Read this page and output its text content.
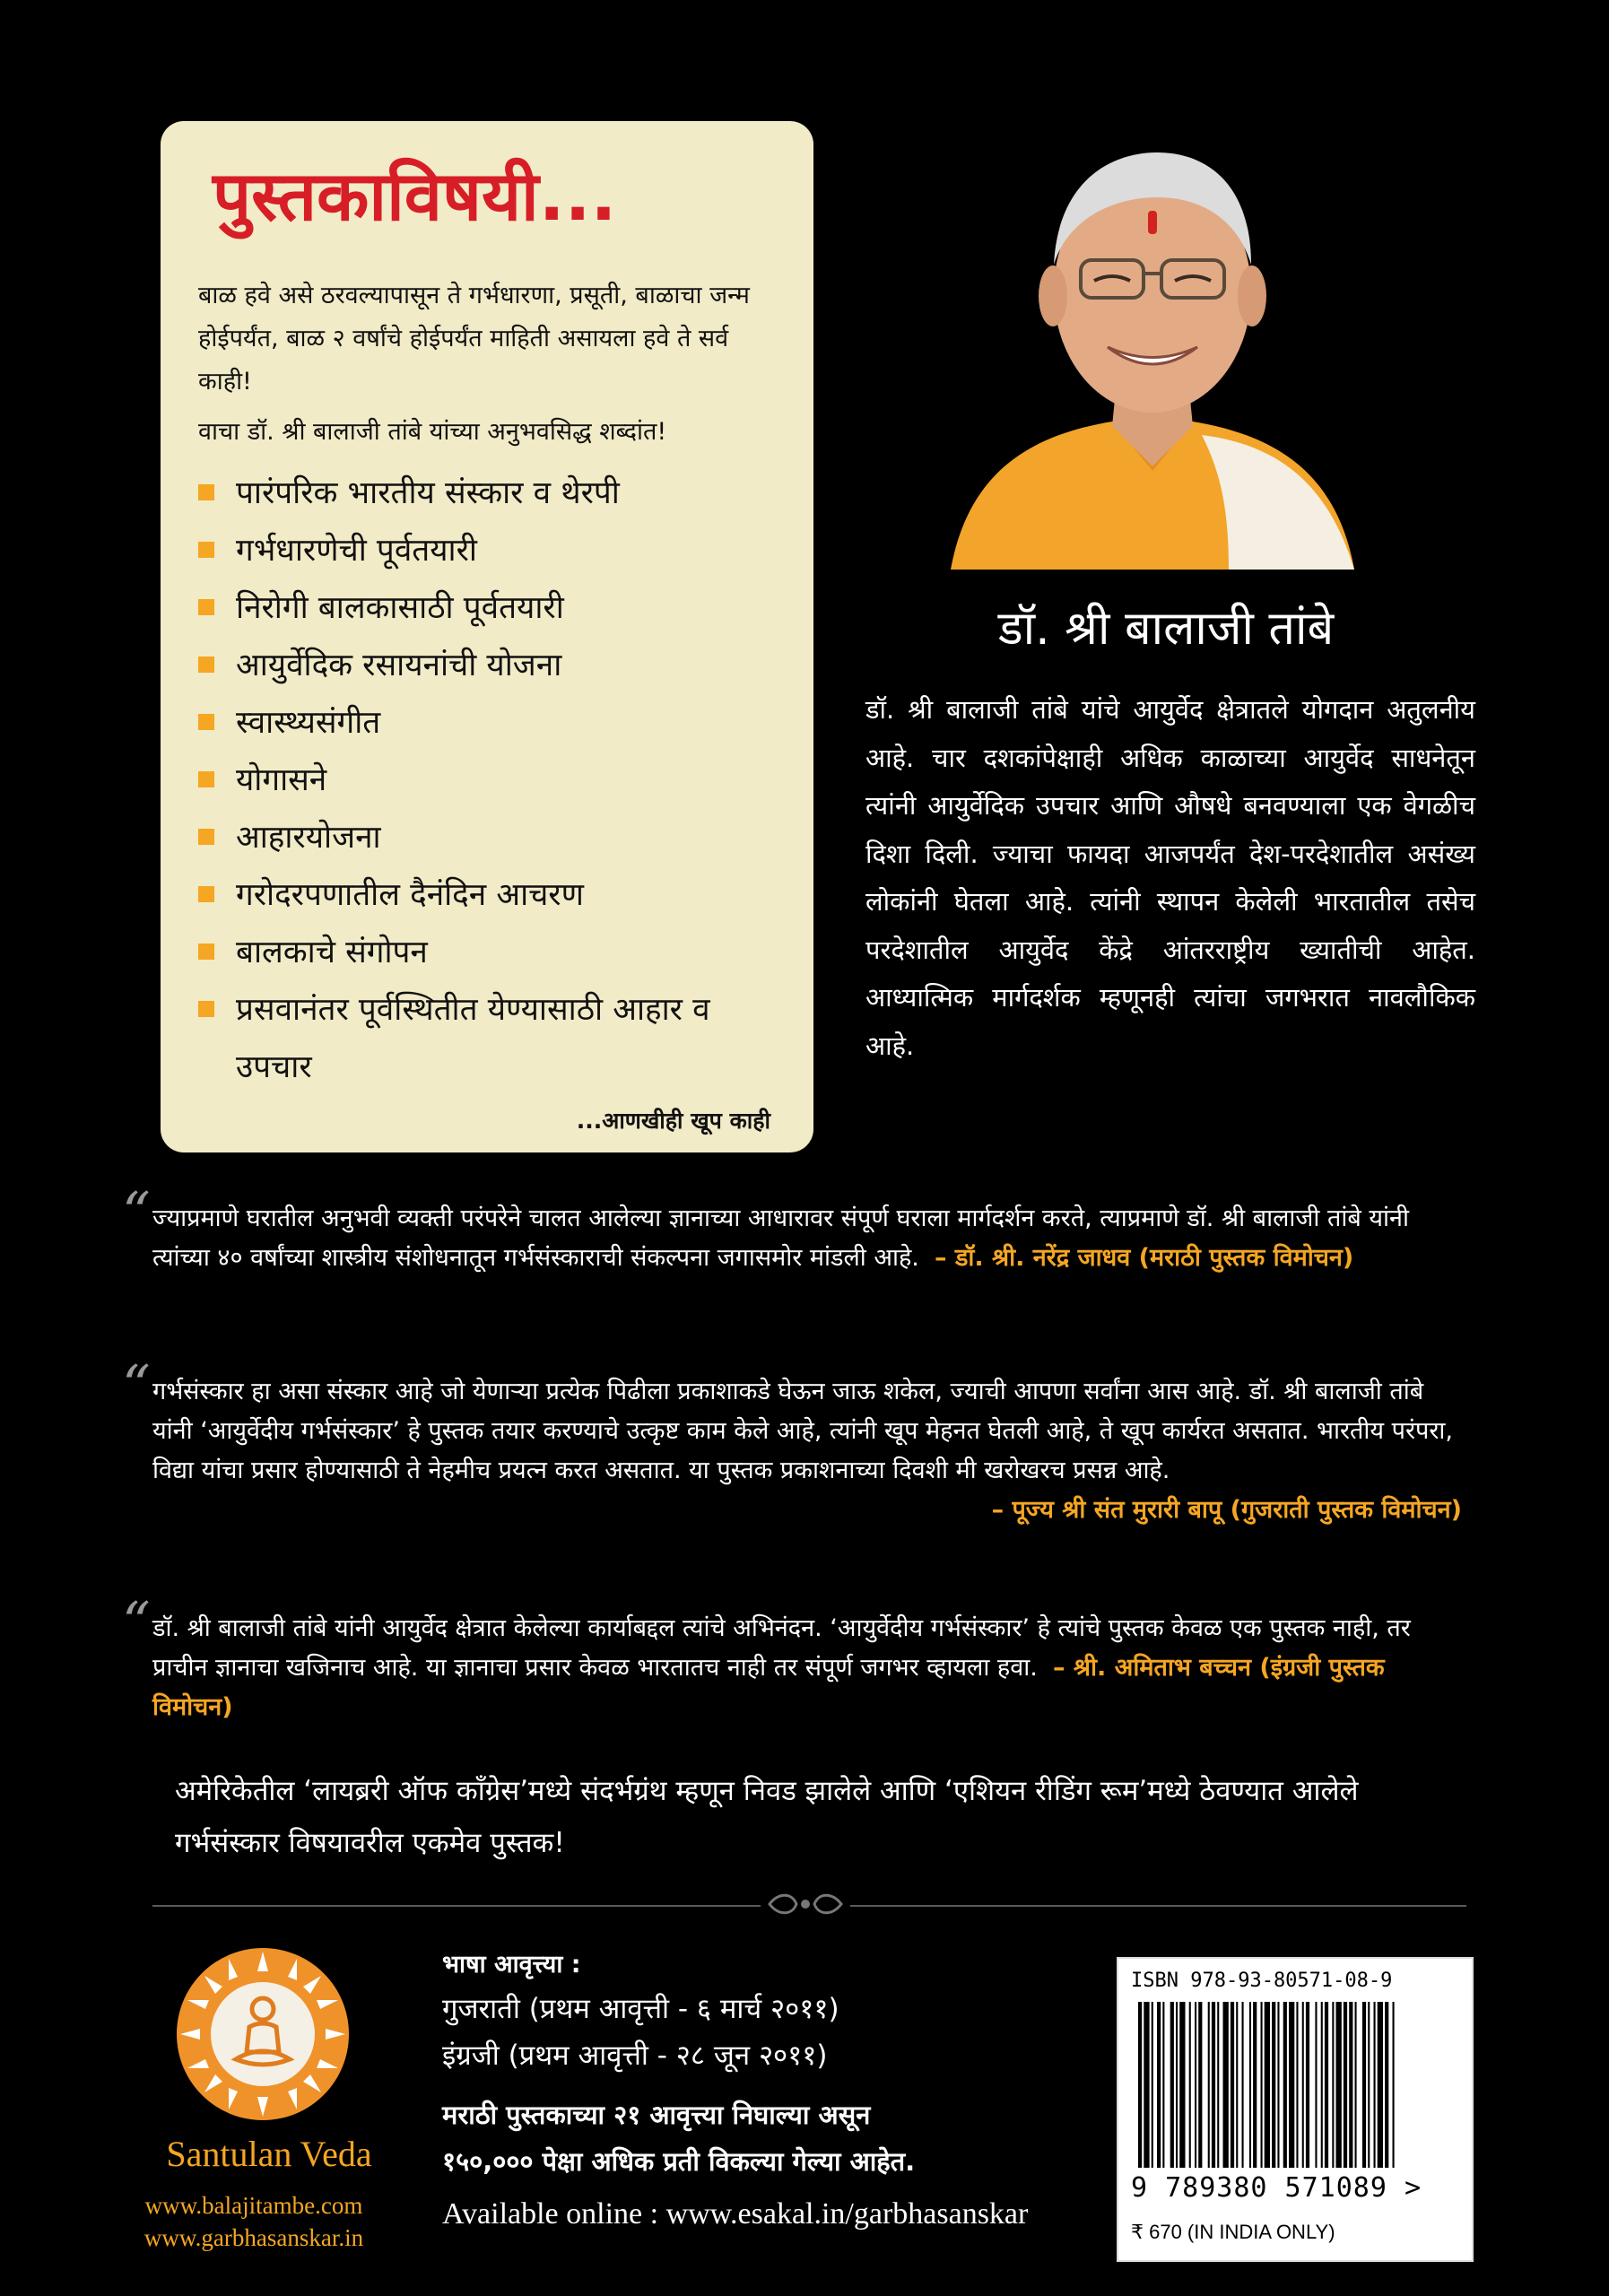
पुस्तकाविषयी...

बाळ हवे असे ठरवल्यापासून ते गर्भधारणा, प्रसूती, बाळाचा जन्म होईपर्यंत, बाळ २ वर्षांचे होईपर्यंत माहिती असायला हवे ते सर्व काही!

वाचा डॉ. श्री बालाजी तांबे यांच्या अनुभवसिद्ध शब्दांत!

पारंपरिक भारतीय संस्कार व थेरपी
गर्भधारणेची पूर्वतयारी
निरोगी बालकासाठी पूर्वतयारी
आयुर्वेदिक रसायनांची योजना
स्वास्थ्यसंगीत
योगासने
आहारयोजना
गरोदरपणातील दैनंदिन आचरण
बालकाचे संगोपन
प्रसवानंतर पूर्वस्थितीत येण्यासाठी आहार व उपचार
...आणखीही खूप काही
डॉ. श्री बालाजी तांबे

डॉ. श्री बालाजी तांबे यांचे आयुर्वेद क्षेत्रातले योगदान अतुलनीय आहे. चार दशकांपेक्षाही अधिक काळाच्या आयुर्वेद साधनेतून त्यांनी आयुर्वेदिक उपचार आणि औषधे बनवण्याला एक वेगळीच दिशा दिली. ज्याचा फायदा आजपर्यंत देश-परदेशातील असंख्य लोकांनी घेतला आहे. त्यांनी स्थापन केलेली भारतातील तसेच परदेशातील आयुर्वेद केंद्रे आंतरराष्ट्रीय ख्यातीची आहेत. आध्यात्मिक मार्गदर्शक म्हणूनही त्यांचा जगभरात नावलौकिक आहे.

“ ज्याप्रमाणे घरातील अनुभवी व्यक्ती परंपरेने चालत आलेल्या ज्ञानाच्या आधारावर संपूर्ण घराला मार्गदर्शन करते, त्याप्रमाणे डॉ. श्री बालाजी तांबे यांनी त्यांच्या ४० वर्षांच्या शास्त्रीय संशोधनातून गर्भसंस्काराची संकल्पना जगासमोर मांडली आहे. – डॉ. श्री. नरेंद्र जाधव (मराठी पुस्तक विमोचन)

“ गर्भसंस्कार हा असा संस्कार आहे जो येणाऱ्या प्रत्येक पिढीला प्रकाशाकडे घेऊन जाऊ शकेल, ज्याची आपणा सर्वांना आस आहे. डॉ. श्री बालाजी तांबे यांनी ‘आयुर्वेदीय गर्भसंस्कार’ हे पुस्तक तयार करण्याचे उत्कृष्ट काम केले आहे, त्यांनी खूप मेहनत घेतली आहे, ते खूप कार्यरत असतात. भारतीय परंपरा, विद्या यांचा प्रसार होण्यासाठी ते नेहमीच प्रयत्न करत असतात. या पुस्तक प्रकाशनाच्या दिवशी मी खरोखरच प्रसन्न आहे.

– पूज्य श्री संत मुरारी बापू (गुजराती पुस्तक विमोचन)
“ डॉ. श्री बालाजी तांबे यांनी आयुर्वेद क्षेत्रात केलेल्या कार्याबद्दल त्यांचे अभिनंदन. ‘आयुर्वेदीय गर्भसंस्कार’ हे त्यांचे पुस्तक केवळ एक पुस्तक नाही, तर प्राचीन ज्ञानाचा खजिनाच आहे. या ज्ञानाचा प्रसार केवळ भारतातच नाही तर संपूर्ण जगभर व्हायला हवा. – श्री. अमिताभ बच्चन (इंग्रजी पुस्तक विमोचन)

अमेरिकेतील ‘लायब्ररी ऑफ काँग्रेस’मध्ये संदर्भग्रंथ म्हणून निवड झालेले आणि ‘एशियन रीडिंग रूम’मध्ये ठेवण्यात आलेले गर्भसंस्कार विषयावरील एकमेव पुस्तक!

Santulan Veda
www.balajitambe.com
www.garbhasanskar.in
भाषा आवृत्त्या :
गुजराती (प्रथम आवृत्ती - ६ मार्च २०११)
इंग्रजी (प्रथम आवृत्ती - २८ जून २०११)
मराठी पुस्तकाच्या २१ आवृत्त्या निघाल्या असून
१५०,००० पेक्षा अधिक प्रती विकल्या गेल्या आहेत.
Available online : www.esakal.in/garbhasanskar
ISBN 978-93-80571-08-9
9 789380 571089 >
₹ 670 (IN INDIA ONLY)
